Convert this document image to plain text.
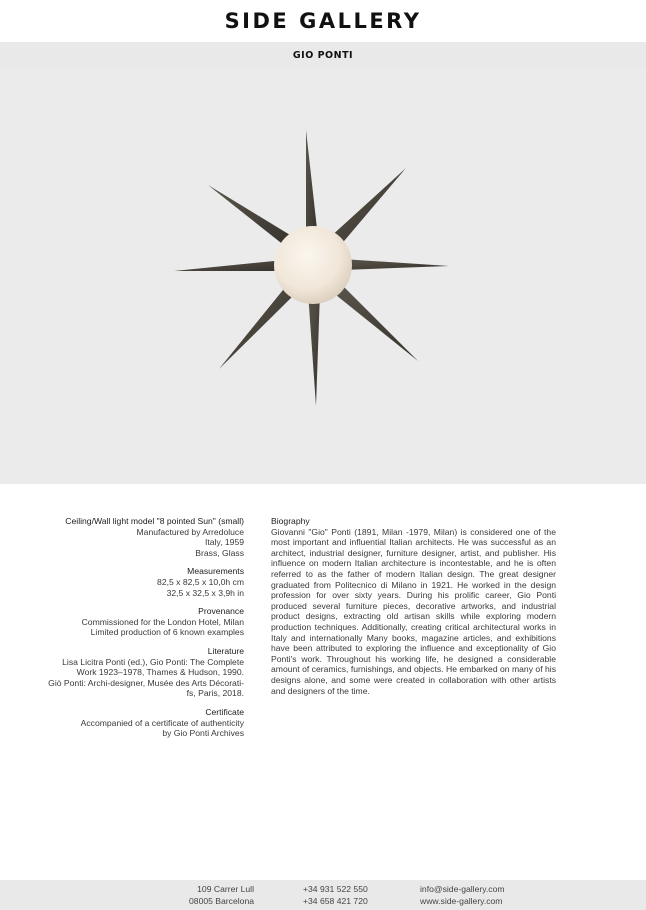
SIDE GALLERY
GIO PONTI

Ceiling/Wall light model "8 pointed Sun" (small)

Manufactured by Arredoluce

Italy, 1959

Brass, Glass

Measurements

82,5 x 82,5 x 10,0h cm

32,5 x 32,5 x 3,9h in

Provenance

Commissioned for the London Hotel, Milan

Limited production of 6 known examples

Literature

Lisa Licitra Ponti (ed.), Gio Ponti: The Complete

Work 1923–1978, Thames & Hudson, 1990.

Giò Ponti: Archi-designer, Musée des Arts Décorati-

fs, Paris, 2018.

Certificate

Accompanied of a certificate of authenticity

by Gio Ponti Archives

Biography

Giovanni "Gio" Ponti (1891, Milan -1979, Milan) is considered one of the most important and influential Italian architects. He was successful as an architect, industrial designer, furniture designer, artist, and publisher. His influence on modern Italian architecture is incontestable, and he is often referred to as the father of modern Italian design. The great designer graduated from Politecnico di Milano in 1921. He worked in the design profession for over sixty years. During his prolific career, Gio Ponti produced several furniture pieces, decorative artworks, and industrial product designs, extracting old artisan skills while exploring modern production techniques. Additionally, creating critical architectural works in Italy and internationally Many books, magazine articles, and exhibitions have been attributed to exploring the influence and exceptionality of Gio Ponti's work. Throughout his working life, he designed a considerable amount of ceramics, furnishings, and objects. He embarked on many of his designs alone, and some were created in collaboration with other artists and designers of the time.

109 Carrer Lull
08005 Barcelona
+34 931 522 550
+34 658 421 720
info@side-gallery.com
www.side-gallery.com
